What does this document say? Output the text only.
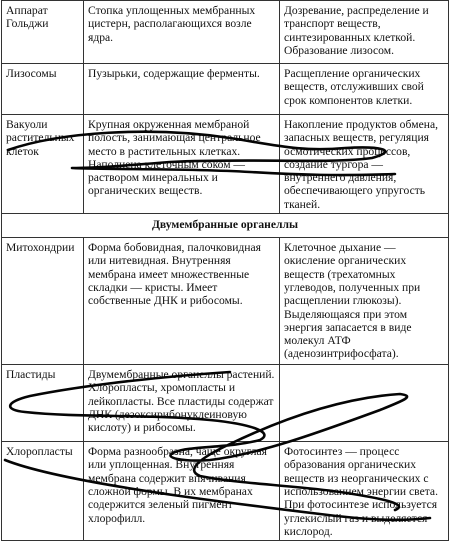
Аппарат Гольджи	Стопка уплощенных мембранных цистерн, располагающихся возле ядра.	Дозревание, распределение и транспорт веществ, синтезированных клеткой. Образование лизосом.
Лизосомы	Пузырьки, содержащие ферменты.	Расщепление органических веществ, отслуживших свой срок компонентов клетки.
Вакуоли растительных клеток	Крупная окруженная мембраной полость, занимающая центральное место в растительных клетках. Наполнена клеточным соком — раствором минеральных и органических веществ.	Накопление продуктов обмена, запасных веществ, регуляция осмотических процессов, создание тургора — внутреннего давления, обеспечивающего упругость тканей.
Двумембранные органеллы		
Митохондрии	Форма бобовидная, палочковидная или нитевидная. Внутренняя мембрана имеет множественные складки — кристы. Имеет собственные ДНК и рибосомы.	Клеточное дыхание — окисление органических веществ (трехатомных углеводов, полученных при расщеплении глюкозы). Выделяющаяся при этом энергия запасается в виде молекул АТФ (аденозинтрифосфата).
Пластиды	Двумембранные органеллы растений. Хлоропласты, хромопласты и лейкопласты. Все пластиды содержат ДНК (дезоксирибонуклеиновую кислоту) и рибосомы.	
Хлоропласты	Форма разнообразна, чаще округлая или уплощенная. Внутренняя мембрана содержит впячивания сложной формы. В их мембранах содержится зеленый пигмент хлорофилл.	Фотосинтез — процесс образования органических веществ из неорганических с использованием энергии света. При фотосинтезе используется углекислый газ и выделяется кислород.
